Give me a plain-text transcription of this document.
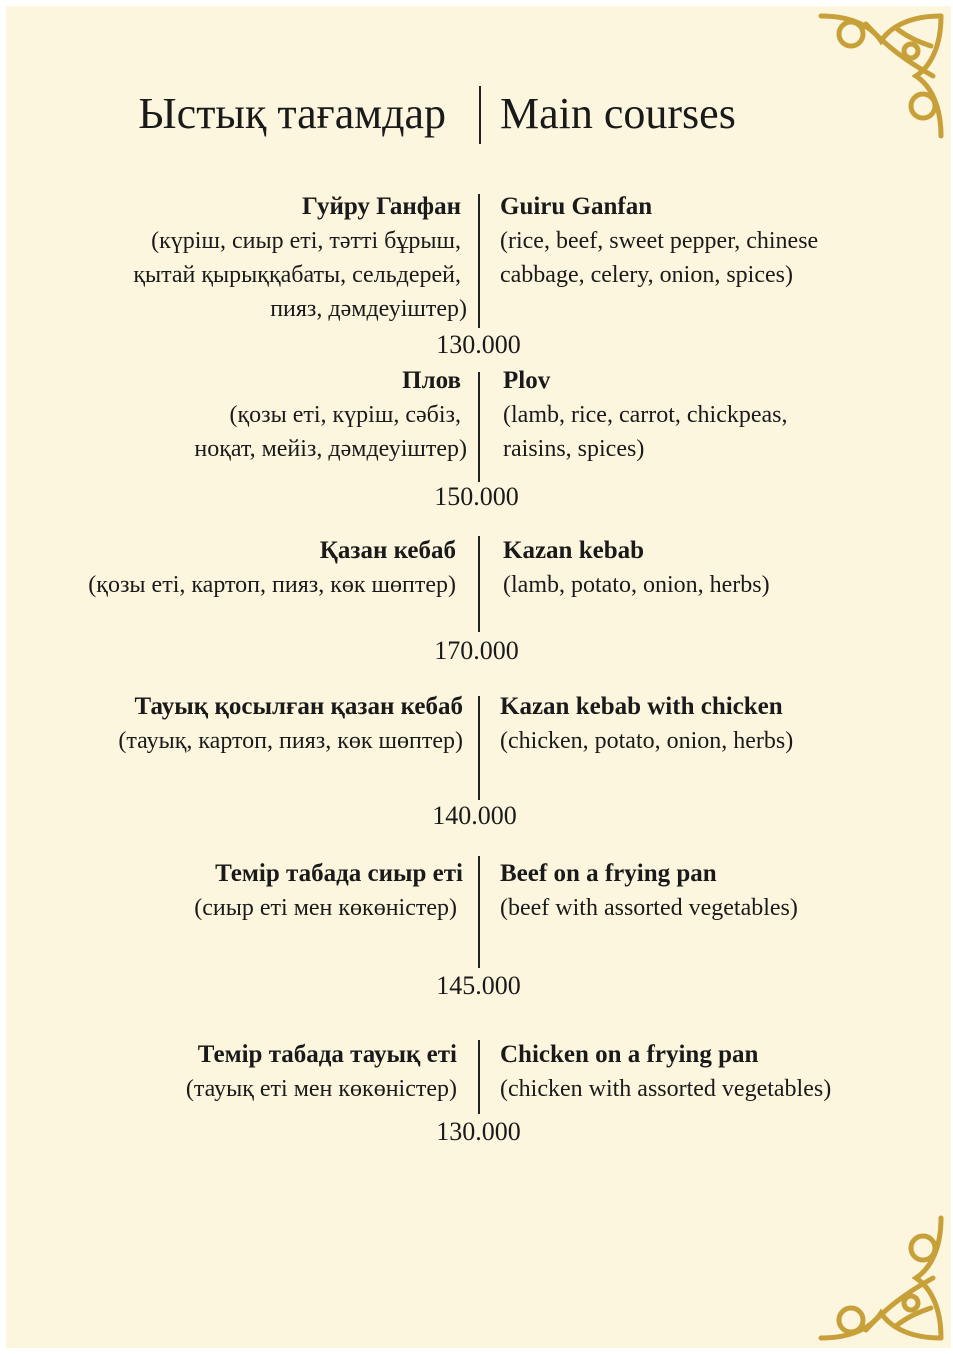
Ыстық тағамдар Main courses
Гуйру Ганфан
(күріш, сиыр еті, тәтті бұрыш,
қытай қырыққабаты, сельдерей,
пияз, дәмдеуіштер)
Guiru Ganfan
(rice, beef, sweet pepper, chinese
cabbage, celery, onion, spices)
130.000
Плов
(қозы еті, күріш, сәбіз,
ноқат, мейіз, дәмдеуіштер)
Plov
(lamb, rice, carrot, chickpeas,
raisins, spices)
150.000
Қазан кебаб
(қозы еті, картоп, пияз, көк шөптер)
Kazan kebab
(lamb, potato, onion, herbs)
170.000
Тауық қосылған қазан кебаб
(тауық, картоп, пияз, көк шөптер)
Kazan kebab with chicken
(chicken, potato, onion, herbs)
140.000
Темір табада сиыр еті
(сиыр еті мен көкөністер)
Beef on a frying pan
(beef with assorted vegetables)
145.000
Темір табада тауық еті
(тауық еті мен көкөністер)
Chicken on a frying pan
(chicken with assorted vegetables)
130.000
